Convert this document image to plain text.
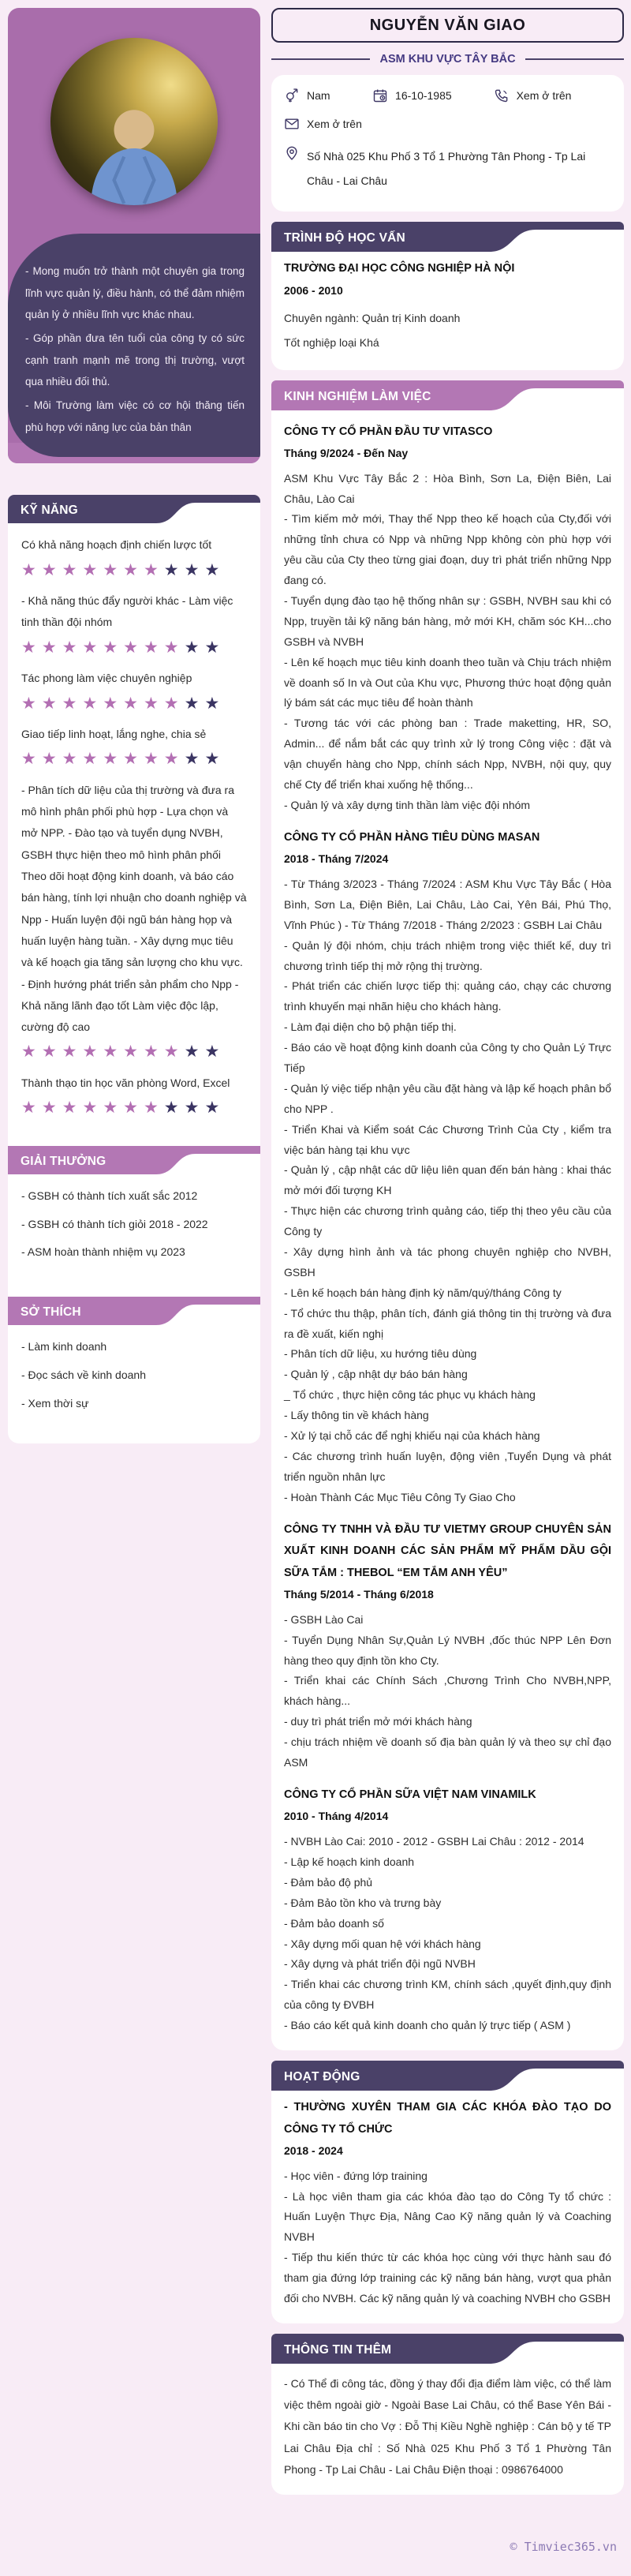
- Mong muốn trở thành một chuyên gia trong lĩnh vực quản lý, điều hành, có thể đảm nhiệm quản lý ở nhiều lĩnh vực khác nhau.

- Góp phần đưa tên tuổi của công ty có sức cạnh tranh mạnh mẽ trong thị trường, vượt qua nhiều đối thủ.

- Môi Trường làm việc có cơ hội thăng tiến phù hợp với năng lực của bản thân

KỸ NĂNG

Có khả năng hoạch định chiến lược tốt

★★★★★★★★★★

- Khả năng thúc đẩy người khác - Làm việc tinh thần đội nhóm

★★★★★★★★★★

Tác phong làm việc chuyên nghiệp

★★★★★★★★★★

Giao tiếp linh hoạt, lắng nghe, chia sẻ

★★★★★★★★★★

- Phân tích dữ liệu của thị trường và đưa ra mô hình phân phối phù hợp - Lựa chọn và mở NPP. - Đào tạo và tuyển dụng NVBH, GSBH thực hiện theo mô hình phân phối Theo dõi hoạt động kinh doanh, và báo cáo bán hàng, tính lợi nhuận cho doanh nghiệp và Npp - Huấn luyện đội ngũ bán hàng họp và huấn luyện hàng tuần. - Xây dựng mục tiêu và kế hoạch gia tăng sản lượng cho khu vực. - Định hướng phát triển sản phẩm cho Npp - Khả năng lãnh đạo tốt Làm việc độc lập, cường độ cao

★★★★★★★★★★

Thành thạo tin học văn phòng Word, Excel

★★★★★★★★★★
GIẢI THƯỞNG

- GSBH có thành tích xuất sắc 2012

- GSBH có thành tích giỏi 2018 - 2022

- ASM hoàn thành nhiệm vụ 2023

SỞ THÍCH

- Làm kinh doanh

- Đọc sách về kinh doanh

- Xem thời sự

NGUYỄN VĂN GIAO
ASM KHU VỰC TÂY BẮC
Nam	16-10-1985	Xem ở trên
Xem ở trên
Số Nhà 025 Khu Phố 3 Tổ 1 Phường Tân Phong - Tp Lai Châu - Lai Châu
TRÌNH ĐỘ HỌC VẤN
TRƯỜNG ĐẠI HỌC CÔNG NGHIỆP HÀ NỘI
2006 - 2010

Chuyên ngành: Quản trị Kinh doanh

Tốt nghiệp loại Khá

KINH NGHIỆM LÀM VIỆC
CÔNG TY CỔ PHẦN ĐẦU TƯ VITASCO
Tháng 9/2024 - Đến Nay

ASM Khu Vực Tây Bắc 2 : Hòa Bình, Sơn La, Điện Biên, Lai Châu, Lào Cai

- Tìm kiếm mở mới, Thay thế Npp theo kế hoạch của Cty,đối với những tỉnh chưa có Npp và những Npp không còn phù hợp với yêu cầu của Cty theo từng giai đoạn, duy trì phát triển những Npp đang có.

- Tuyển dụng đào tạo hệ thống nhân sự : GSBH, NVBH sau khi có Npp, truyền tải kỹ năng bán hàng, mở mới KH, chăm sóc KH...cho GSBH và NVBH

- Lên kế hoạch mục tiêu kinh doanh theo tuần và Chịu trách nhiệm về doanh số In và Out của Khu vực, Phương thức hoạt động quản lý bám sát các mục tiêu để hoàn thành

- Tương tác với các phòng ban : Trade maketting, HR, SO, Admin... để nắm bắt các quy trình xử lý trong Công việc : đặt và vận chuyển hàng cho Npp, chính sách Npp, NVBH, nội quy, quy chế Cty để triển khai xuống hệ thống...

- Quản lý và xây dựng tinh thần làm việc đội nhóm

CÔNG TY CỔ PHẦN HÀNG TIÊU DÙNG MASAN
2018 - Tháng 7/2024

- Từ Tháng 3/2023 - Tháng 7/2024 : ASM Khu Vực Tây Bắc ( Hòa Bình, Sơn La, Điện Biên, Lai Châu, Lào Cai, Yên Bái, Phú Thọ, Vĩnh Phúc ) - Từ Tháng 7/2018 - Tháng 2/2023 : GSBH Lai Châu

- Quản lý đội nhóm, chịu trách nhiệm trong việc thiết kế, duy trì chương trình tiếp thị mở rộng thị trường.

- Phát triển các chiến lược tiếp thị: quảng cáo, chạy các chương trình khuyến mại nhãn hiệu cho khách hàng.

- Làm đại diện cho bộ phận tiếp thị.

- Báo cáo về hoạt động kinh doanh của Công ty cho Quản Lý Trực Tiếp

- Quản lý việc tiếp nhận yêu cầu đặt hàng và lập kế hoạch phân bổ cho NPP .

- Triển Khai và Kiểm soát Các Chương Trình Của Cty , kiểm tra việc bán hàng tại khu vực

- Quản lý , cập nhật các dữ liệu liên quan đến bán hàng : khai thác mở mới đối tượng KH

- Thực hiện các chương trình quảng cáo, tiếp thị theo yêu cầu của Công ty

- Xây dựng hình ảnh và tác phong chuyên nghiệp cho NVBH, GSBH

- Lên kế hoạch bán hàng định kỳ năm/quý/tháng Công ty

- Tổ chức thu thập, phân tích, đánh giá thông tin thị trường và đưa ra đề xuất, kiến nghị

- Phân tích dữ liệu, xu hướng tiêu dùng

- Quản lý , cập nhật dự báo bán hàng

_ Tổ chức , thực hiện công tác phục vụ khách hàng

- Lấy thông tin về khách hàng

- Xử lý tại chỗ các để nghị khiếu nại của khách hàng

- Các chương trình huấn luyện, động viên ,Tuyển Dụng và phát triển nguồn nhân lực

- Hoàn Thành Các Mục Tiêu Công Ty Giao Cho

CÔNG TY TNHH VÀ ĐẦU TƯ VIETMY GROUP CHUYÊN SẢN XUẤT KINH DOANH CÁC SẢN PHẨM MỸ PHẨM DẦU GỘI SỮA TẮM : THEBOL “EM TẮM ANH YÊU”
Tháng 5/2014 - Tháng 6/2018

- GSBH Lào Cai

- Tuyển Dụng Nhân Sự,Quản Lý NVBH ,đốc thúc NPP Lên Đơn hàng theo quy định tồn kho Cty.

- Triển khai các Chính Sách ,Chương Trình Cho NVBH,NPP, khách hàng...

- duy trì phát triển mở mới khách hàng

- chịu trách nhiệm về doanh số địa bàn quản lý và theo sự chỉ đạo ASM

CÔNG TY CỔ PHẦN SỮA VIỆT NAM VINAMILK
2010 - Tháng 4/2014

- NVBH Lào Cai: 2010 - 2012 - GSBH Lai Châu : 2012 - 2014

- Lập kế hoạch kinh doanh

- Đảm bảo độ phủ

- Đảm Bảo tồn kho và trưng bày

- Đảm bảo doanh số

- Xây dựng mối quan hệ với khách hàng

- Xây dựng và phát triển đội ngũ NVBH

- Triển khai các chương trình KM, chính sách ,quyết định,quy định của công ty ĐVBH

- Báo cáo kết quả kinh doanh cho quản lý trực tiếp ( ASM )

HOẠT ĐỘNG
- THƯỜNG XUYÊN THAM GIA CÁC KHÓA ĐÀO TẠO DO CÔNG TY TỔ CHỨC
2018 - 2024

- Học viên - đứng lớp training

- Là học viên tham gia các khóa đào tạo do Công Ty tổ chức : Huấn Luyện Thực Địa, Nâng Cao Kỹ năng quản lý và Coaching NVBH

- Tiếp thu kiến thức từ các khóa học cùng với thực hành sau đó tham gia đứng lớp training các kỹ năng bán hàng, vượt qua phản đối cho NVBH. Các kỹ năng quản lý và coaching NVBH cho GSBH

THÔNG TIN THÊM

- Có Thể đi công tác, đồng ý thay đổi địa điểm làm việc, có thể làm việc thêm ngoài giờ - Ngoài Base Lai Châu, có thể Base Yên Bái - Khi cần báo tin cho Vợ : Đỗ Thị Kiều Nghề nghiệp : Cán bộ y tế TP Lai Châu Địa chỉ : Số Nhà 025 Khu Phố 3 Tổ 1 Phường Tân Phong - Tp Lai Châu - Lai Châu Điện thoại : 0986764000

© Timviec365.vn
